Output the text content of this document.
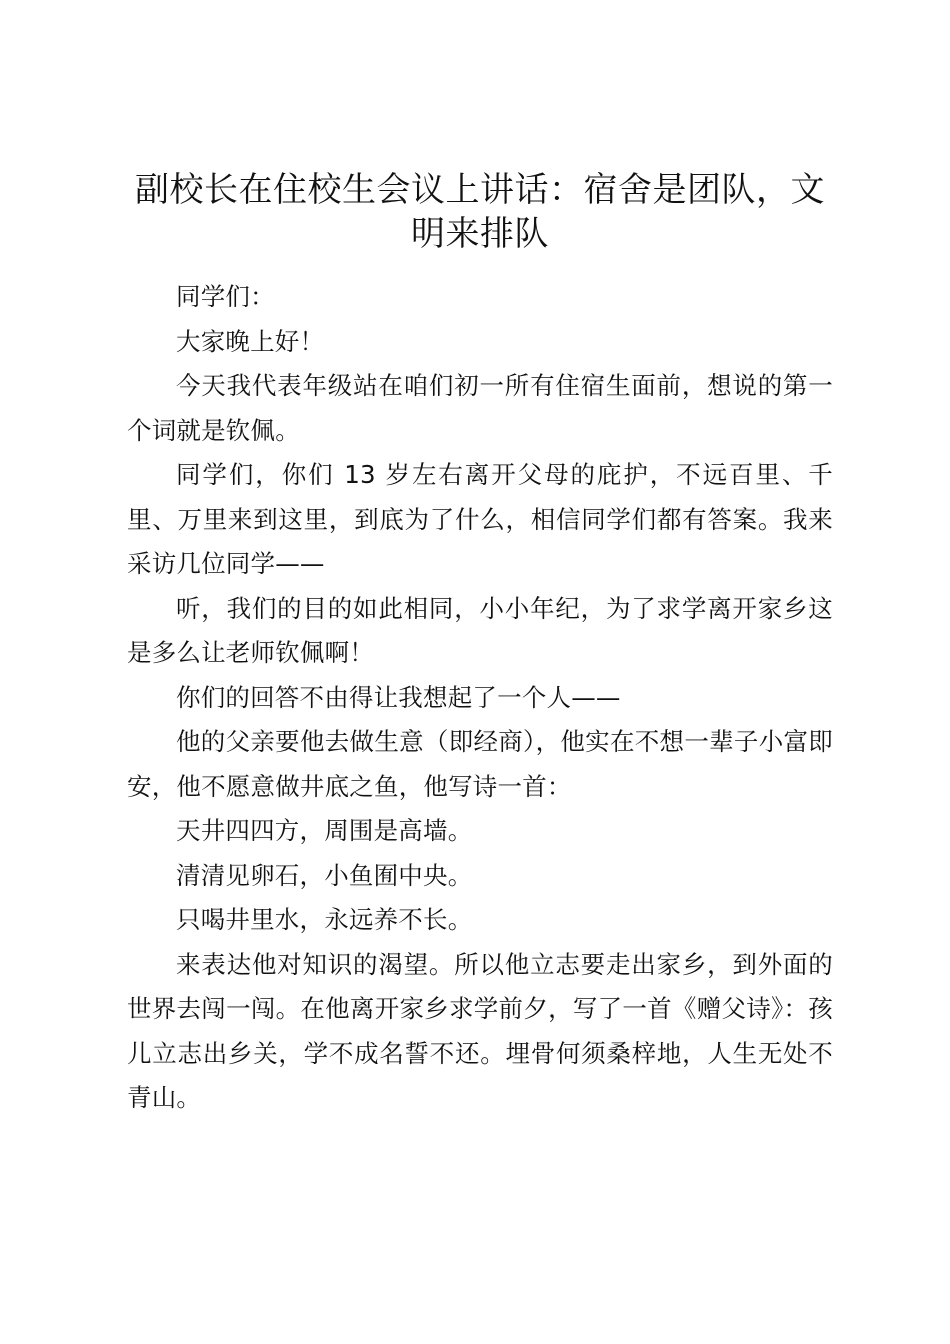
副校长在住校生会议上讲话：宿舍是团队，文明来排队

同学们：

大家晚上好！

今天我代表年级站在咱们初一所有住宿生面前，想说的第一个词就是钦佩。

同学们，你们 13 岁左右离开父母的庇护，不远百里、千里、万里来到这里，到底为了什么，相信同学们都有答案。我来采访几位同学——

听，我们的目的如此相同，小小年纪，为了求学离开家乡这是多么让老师钦佩啊！

你们的回答不由得让我想起了一个人——

他的父亲要他去做生意（即经商），他实在不想一辈子小富即安，他不愿意做井底之鱼，他写诗一首：

天井四四方，周围是高墙。

清清见卵石，小鱼囿中央。

只喝井里水，永远养不长。

来表达他对知识的渴望。所以他立志要走出家乡，到外面的世界去闯一闯。在他离开家乡求学前夕，写了一首《赠父诗》：孩儿立志出乡关，学不成名誓不还。埋骨何须桑梓地，人生无处不青山。
